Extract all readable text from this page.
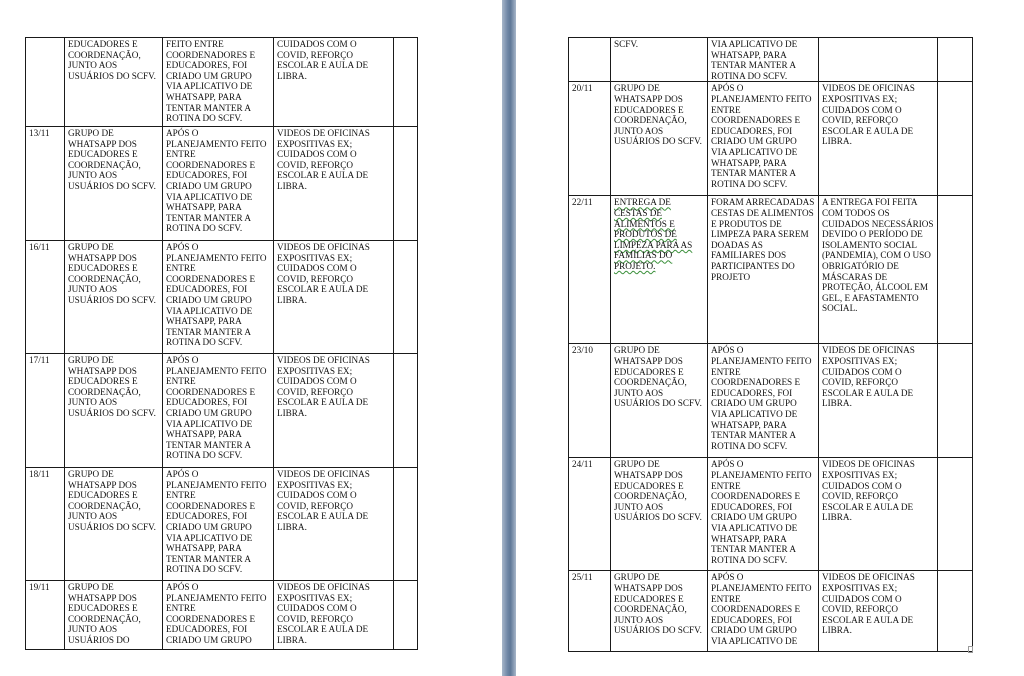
	EDUCADORES E COORDENAÇÃO, JUNTO AOS USUÁRIOS DO SCFV.	FEITO ENTRE COORDENADORES E EDUCADORES, FOI CRIADO UM GRUPO VIA APLICATIVO DE WHATSAPP, PARA TENTAR MANTER A ROTINA DO SCFV.	CUIDADOS COM O COVID, REFORÇO ESCOLAR E AULA DE LIBRA.	
13/11	GRUPO DE WHATSAPP DOS EDUCADORES E COORDENAÇÃO, JUNTO AOS USUÁRIOS DO SCFV.	APÓS O PLANEJAMENTO FEITO ENTRE COORDENADORES E EDUCADORES, FOI CRIADO UM GRUPO VIA APLICATIVO DE WHATSAPP, PARA TENTAR MANTER A ROTINA DO SCFV.	VIDEOS DE OFICINAS EXPOSITIVAS EX; CUIDADOS COM O COVID, REFORÇO ESCOLAR E AULA DE LIBRA.	
16/11	GRUPO DE WHATSAPP DOS EDUCADORES E COORDENAÇÃO, JUNTO AOS USUÁRIOS DO SCFV.	APÓS O PLANEJAMENTO FEITO ENTRE COORDENADORES E EDUCADORES, FOI CRIADO UM GRUPO VIA APLICATIVO DE WHATSAPP, PARA TENTAR MANTER A ROTINA DO SCFV.	VIDEOS DE OFICINAS EXPOSITIVAS EX; CUIDADOS COM O COVID, REFORÇO ESCOLAR E AULA DE LIBRA.	
17/11	GRUPO DE WHATSAPP DOS EDUCADORES E COORDENAÇÃO, JUNTO AOS USUÁRIOS DO SCFV.	APÓS O PLANEJAMENTO FEITO ENTRE COORDENADORES E EDUCADORES, FOI CRIADO UM GRUPO VIA APLICATIVO DE WHATSAPP, PARA TENTAR MANTER A ROTINA DO SCFV.	VIDEOS DE OFICINAS EXPOSITIVAS EX; CUIDADOS COM O COVID, REFORÇO ESCOLAR E AULA DE LIBRA.	
18/11	GRUPO DE WHATSAPP DOS EDUCADORES E COORDENAÇÃO, JUNTO AOS USUÁRIOS DO SCFV.	APÓS O PLANEJAMENTO FEITO ENTRE COORDENADORES E EDUCADORES, FOI CRIADO UM GRUPO VIA APLICATIVO DE WHATSAPP, PARA TENTAR MANTER A ROTINA DO SCFV.	VIDEOS DE OFICINAS EXPOSITIVAS EX; CUIDADOS COM O COVID, REFORÇO ESCOLAR E AULA DE LIBRA.	
19/11	GRUPO DE WHATSAPP DOS EDUCADORES E COORDENAÇÃO, JUNTO AOS USUÁRIOS DO	APÓS O PLANEJAMENTO FEITO ENTRE COORDENADORES E EDUCADORES, FOI CRIADO UM GRUPO	VIDEOS DE OFICINAS EXPOSITIVAS EX; CUIDADOS COM O COVID, REFORÇO ESCOLAR E AULA DE LIBRA.	
	SCFV.	VIA APLICATIVO DE WHATSAPP, PARA TENTAR MANTER A ROTINA DO SCFV.		
20/11	GRUPO DE WHATSAPP DOS EDUCADORES E COORDENAÇÃO, JUNTO AOS USUÁRIOS DO SCFV.	APÓS O PLANEJAMENTO FEITO ENTRE COORDENADORES E EDUCADORES, FOI CRIADO UM GRUPO VIA APLICATIVO DE WHATSAPP, PARA TENTAR MANTER A ROTINA DO SCFV.	VIDEOS DE OFICINAS EXPOSITIVAS EX; CUIDADOS COM O COVID, REFORÇO ESCOLAR E AULA DE LIBRA.	
22/11	ENTREGA DE CESTAS DE ALIMENTOS E PRODUTOS DE LIMPEZA PARA AS FAMÍLIAS DO PROJETO.	FORAM ARRECADADAS CESTAS DE ALIMENTOS E PRODUTOS DE LIMPEZA PARA SEREM DOADAS AS FAMILIARES DOS PARTICIPANTES DO PROJETO	A ENTREGA FOI FEITA COM TODOS OS CUIDADOS NECESSÁRIOS DEVIDO O PERÍODO DE ISOLAMENTO SOCIAL (PANDEMIA), COM O USO OBRIGATÓRIO DE MÁSCARAS DE PROTEÇÃO, ÁLCOOL EM GEL, E AFASTAMENTO SOCIAL.	
23/10	GRUPO DE WHATSAPP DOS EDUCADORES E COORDENAÇÃO, JUNTO AOS USUÁRIOS DO SCFV.	APÓS O PLANEJAMENTO FEITO ENTRE COORDENADORES E EDUCADORES, FOI CRIADO UM GRUPO VIA APLICATIVO DE WHATSAPP, PARA TENTAR MANTER A ROTINA DO SCFV.	VIDEOS DE OFICINAS EXPOSITIVAS EX; CUIDADOS COM O COVID, REFORÇO ESCOLAR E AULA DE LIBRA.	
24/11	GRUPO DE WHATSAPP DOS EDUCADORES E COORDENAÇÃO, JUNTO AOS USUÁRIOS DO SCFV.	APÓS O PLANEJAMENTO FEITO ENTRE COORDENADORES E EDUCADORES, FOI CRIADO UM GRUPO VIA APLICATIVO DE WHATSAPP, PARA TENTAR MANTER A ROTINA DO SCFV.	VIDEOS DE OFICINAS EXPOSITIVAS EX; CUIDADOS COM O COVID, REFORÇO ESCOLAR E AULA DE LIBRA.	
25/11	GRUPO DE WHATSAPP DOS EDUCADORES E COORDENAÇÃO, JUNTO AOS USUÁRIOS DO SCFV.	APÓS O PLANEJAMENTO FEITO ENTRE COORDENADORES E EDUCADORES, FOI CRIADO UM GRUPO VIA APLICATIVO DE	VIDEOS DE OFICINAS EXPOSITIVAS EX; CUIDADOS COM O COVID, REFORÇO ESCOLAR E AULA DE LIBRA.	
